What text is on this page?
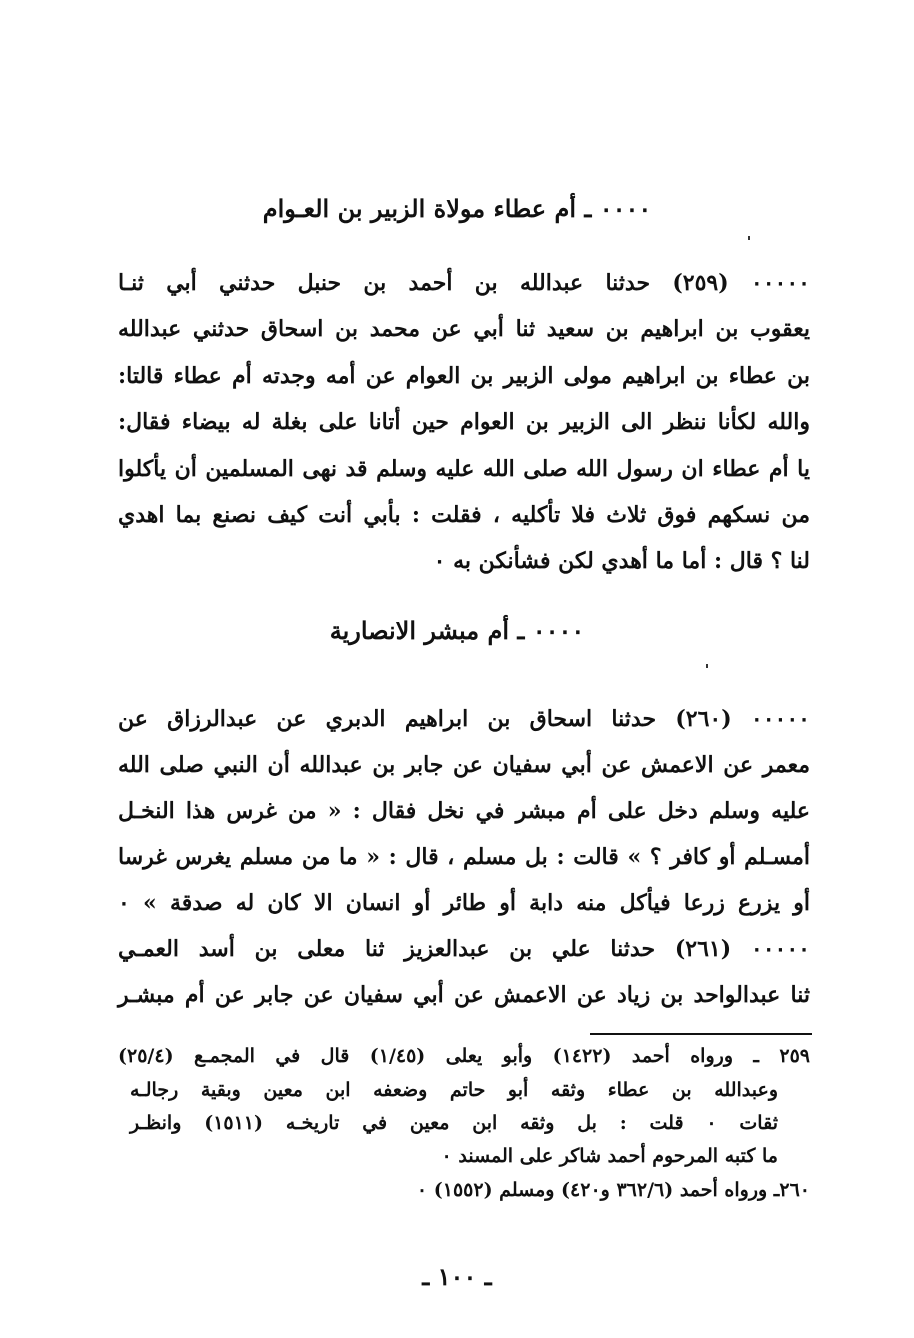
٠٠٠٠ ـ أم عطاء مولاة الزبير بن العـوام
٠٠٠٠٠ (٢٥٩) حدثنا عبدالله بن أحمد بن حنبل حدثني أبي ثنـا
يعقوب بن ابراهيم بن سعيد ثنا أبي عن محمد بن اسحاق حدثني عبدالله
بن عطاء بن ابراهيم مولى الزبير بن العوام عن أمه وجدته أم عطاء قالتا:
والله لكأنا ننظر الى الزبير بن العوام حين أتانا على بغلة له بيضاء فقال:
يا أم عطاء ان رسول الله صلى الله عليه وسلم قد نهى المسلمين أن يأكلوا
من نسكهم فوق ثلاث فلا تأكليه ، فقلت : بأبي أنت كيف نصنع بما اهدي
لنا ؟ قال : أما ما أهدي لكن فشأنكن به ٠
٠٠٠٠ ـ أم مبشر الانصارية
٠٠٠٠٠ (٢٦٠) حدثنا اسحاق بن ابراهيم الدبري عن عبدالرزاق عن
معمر عن الاعمش عن أبي سفيان عن جابر بن عبدالله أن النبي صلى الله
عليه وسلم دخل على أم مبشر في نخل فقال : « من غرس هذا النخـل
أمسـلم أو كافر ؟ » قالت : بل مسلم ، قال : « ما من مسلم يغرس غرسا
أو يزرع زرعا فيأكل منه دابة أو طائر أو انسان الا كان له صدقة » ٠
٠٠٠٠٠ (٢٦١) حدثنا علي بن عبدالعزيز ثنا معلى بن أسد العمـي
ثنا عبدالواحد بن زياد عن الاعمش عن أبي سفيان عن جابر عن أم مبشـر
٢٥٩ ـ ورواه أحمد (١٤٢٢) وأبو يعلى (١/٤٥) قال في المجمـع (٢٥/٤)
وعبدالله بن عطاء وثقه أبو حاتم وضعفه ابن معين وبقية رجالـه
ثقات ٠ قلت : بل وثقه ابن معين في تاريخـه (١٥١١) وانظـر
ما كتبه المرحوم أحمد شاكر على المسند ٠
٢٦٠ـ ورواه أحمد (٣٦٢/٦ و٤٢٠) ومسلم (١٥٥٢) ٠
ـ ١٠٠ ـ
